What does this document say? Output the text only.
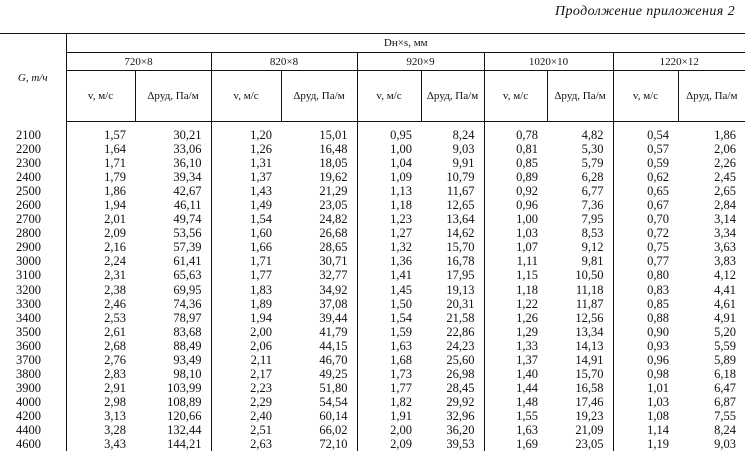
Продолжение приложения 2
G, т/ч	Dн×s, мм									
	720×8		820×8		920×9		1020×10		1220×12	
	v, м/с	Δpуд, Па/м	v, м/с	Δpуд, Па/м	v, м/с	Δpуд, Па/м	v, м/с	Δpуд, Па/м	v, м/с	Δpуд, Па/м

2100	1,57	30,21	1,20	15,01	0,95	8,24	0,78	4,82	0,54	1,86
2200	1,64	33,06	1,26	16,48	1,00	9,03	0,81	5,30	0,57	2,06
2300	1,71	36,10	1,31	18,05	1,04	9,91	0,85	5,79	0,59	2,26
2400	1,79	39,34	1,37	19,62	1,09	10,79	0,89	6,28	0,62	2,45
2500	1,86	42,67	1,43	21,29	1,13	11,67	0,92	6,77	0,65	2,65
2600	1,94	46,11	1,49	23,05	1,18	12,65	0,96	7,36	0,67	2,84
2700	2,01	49,74	1,54	24,82	1,23	13,64	1,00	7,95	0,70	3,14
2800	2,09	53,56	1,60	26,68	1,27	14,62	1,03	8,53	0,72	3,34
2900	2,16	57,39	1,66	28,65	1,32	15,70	1,07	9,12	0,75	3,63
3000	2,24	61,41	1,71	30,71	1,36	16,78	1,11	9,81	0,77	3,83
3100	2,31	65,63	1,77	32,77	1,41	17,95	1,15	10,50	0,80	4,12
3200	2,38	69,95	1,83	34,92	1,45	19,13	1,18	11,18	0,83	4,41
3300	2,46	74,36	1,89	37,08	1,50	20,31	1,22	11,87	0,85	4,61
3400	2,53	78,97	1,94	39,44	1,54	21,58	1,26	12,56	0,88	4,91
3500	2,61	83,68	2,00	41,79	1,59	22,86	1,29	13,34	0,90	5,20
3600	2,68	88,49	2,06	44,15	1,63	24,23	1,33	14,13	0,93	5,59
3700	2,76	93,49	2,11	46,70	1,68	25,60	1,37	14,91	0,96	5,89
3800	2,83	98,10	2,17	49,25	1,73	26,98	1,40	15,70	0,98	6,18
3900	2,91	103,99	2,23	51,80	1,77	28,45	1,44	16,58	1,01	6,47
4000	2,98	108,89	2,29	54,54	1,82	29,92	1,48	17,46	1,03	6,87
4200	3,13	120,66	2,40	60,14	1,91	32,96	1,55	19,23	1,08	7,55
4400	3,28	132,44	2,51	66,02	2,00	36,20	1,63	21,09	1,14	8,24
4600	3,43	144,21	2,63	72,10	2,09	39,53	1,69	23,05	1,19	9,03
